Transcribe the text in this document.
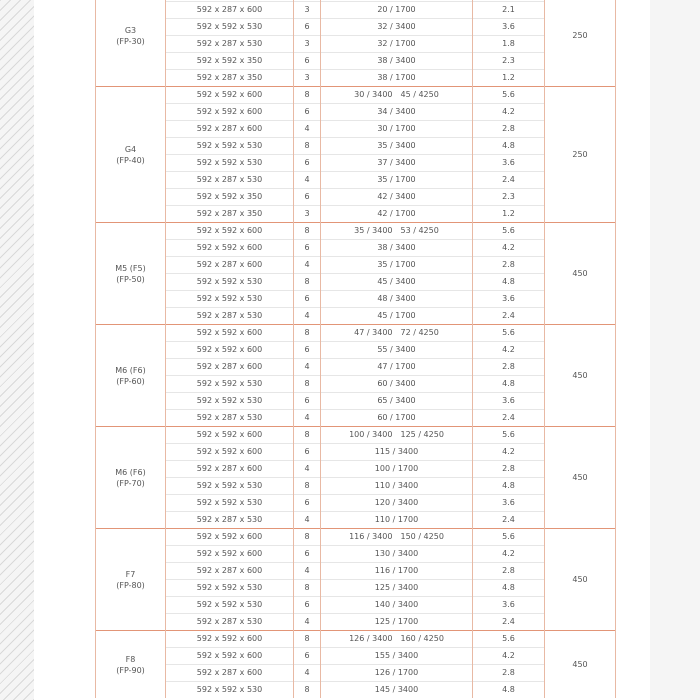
G3
(FP-30)					250
	592 x 287 x 600	3	20 / 1700	2.1	
	592 x 592 x 530	6	32 / 3400	3.6	
	592 x 287 x 530	3	32 / 1700	1.8	
	592 x 592 x 350	6	38 / 3400	2.3	
	592 x 287 x 350	3	38 / 1700	1.2	

G4
(FP-40)	592 x 592 x 600	8	30 / 3400 45 / 4250	5.6	250
	592 x 592 x 600	6	34 / 3400	4.2	
	592 x 287 x 600	4	30 / 1700	2.8	
	592 x 592 x 530	8	35 / 3400	4.8	
	592 x 592 x 530	6	37 / 3400	3.6	
	592 x 287 x 530	4	35 / 1700	2.4	
	592 x 592 x 350	6	42 / 3400	2.3	
	592 x 287 x 350	3	42 / 1700	1.2	

M5 (F5)
(FP-50)	592 x 592 x 600	8	35 / 3400 53 / 4250	5.6	450
	592 x 592 x 600	6	38 / 3400	4.2	
	592 x 287 x 600	4	35 / 1700	2.8	
	592 x 592 x 530	8	45 / 3400	4.8	
	592 x 592 x 530	6	48 / 3400	3.6	
	592 x 287 x 530	4	45 / 1700	2.4	

M6 (F6)
(FP-60)	592 x 592 x 600	8	47 / 3400 72 / 4250	5.6	450
	592 x 592 x 600	6	55 / 3400	4.2	
	592 x 287 x 600	4	47 / 1700	2.8	
	592 x 592 x 530	8	60 / 3400	4.8	
	592 x 592 x 530	6	65 / 3400	3.6	
	592 x 287 x 530	4	60 / 1700	2.4	

M6 (F6)
(FP-70)	592 x 592 x 600	8	100 / 3400 125 / 4250	5.6	450
	592 x 592 x 600	6	115 / 3400	4.2	
	592 x 287 x 600	4	100 / 1700	2.8	
	592 x 592 x 530	8	110 / 3400	4.8	
	592 x 592 x 530	6	120 / 3400	3.6	
	592 x 287 x 530	4	110 / 1700	2.4	

F7
(FP-80)	592 x 592 x 600	8	116 / 3400 150 / 4250	5.6	450
	592 x 592 x 600	6	130 / 3400	4.2	
	592 x 287 x 600	4	116 / 1700	2.8	
	592 x 592 x 530	8	125 / 3400	4.8	
	592 x 592 x 530	6	140 / 3400	3.6	
	592 x 287 x 530	4	125 / 1700	2.4	

F8
(FP-90)	592 x 592 x 600	8	126 / 3400 160 / 4250	5.6	450
	592 x 592 x 600	6	155 / 3400	4.2	
	592 x 287 x 600	4	126 / 1700	2.8	
	592 x 592 x 530	8	145 / 3400	4.8	
